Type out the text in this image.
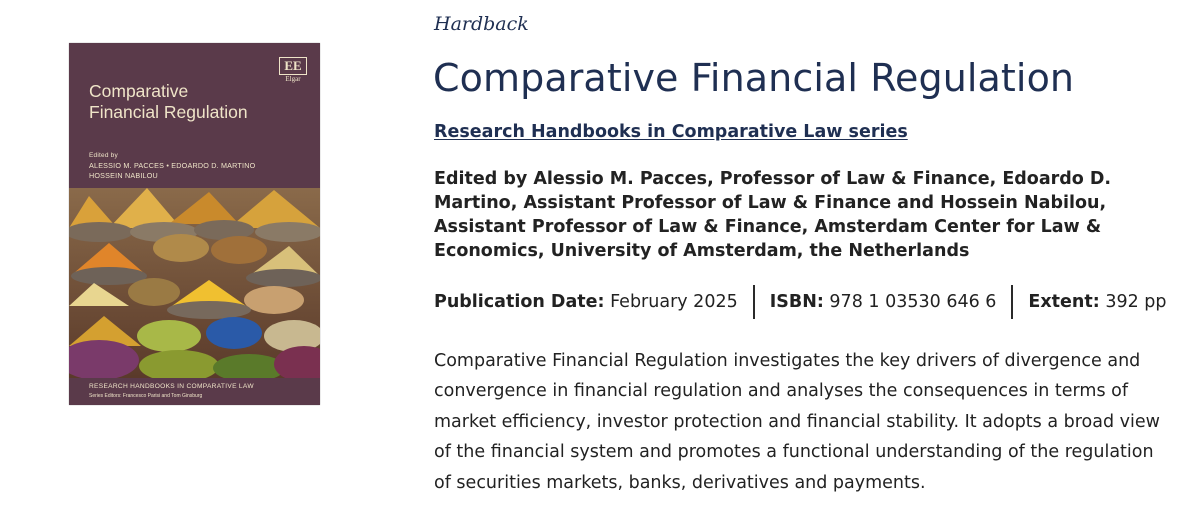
Comparative
Financial Regulation
EE
Elgar
Edited by
ALESSIO M. PACCES • EDOARDO D. MARTINO
HOSSEIN NABILOU
RESEARCH HANDBOOKS IN COMPARATIVE LAW
Series Editors: Francesco Parisi and Tom Ginsburg
Hardback
Comparative Financial Regulation
Research Handbooks in Comparative Law series
Edited by Alessio M. Pacces, Professor of Law & Finance, Edoardo D. Martino, Assistant Professor of Law & Finance and Hossein Nabilou, Assistant Professor of Law & Finance, Amsterdam Center for Law & Economics, University of Amsterdam, the Netherlands
Publication Date: February 2025 ISBN: 978 1 03530 646 6 Extent: 392 pp

Comparative Financial Regulation investigates the key drivers of divergence and convergence in financial regulation and analyses the consequences in terms of market efficiency, investor protection and financial stability. It adopts a broad view of the financial system and promotes a functional understanding of the regulation of securities markets, banks, derivatives and payments.
